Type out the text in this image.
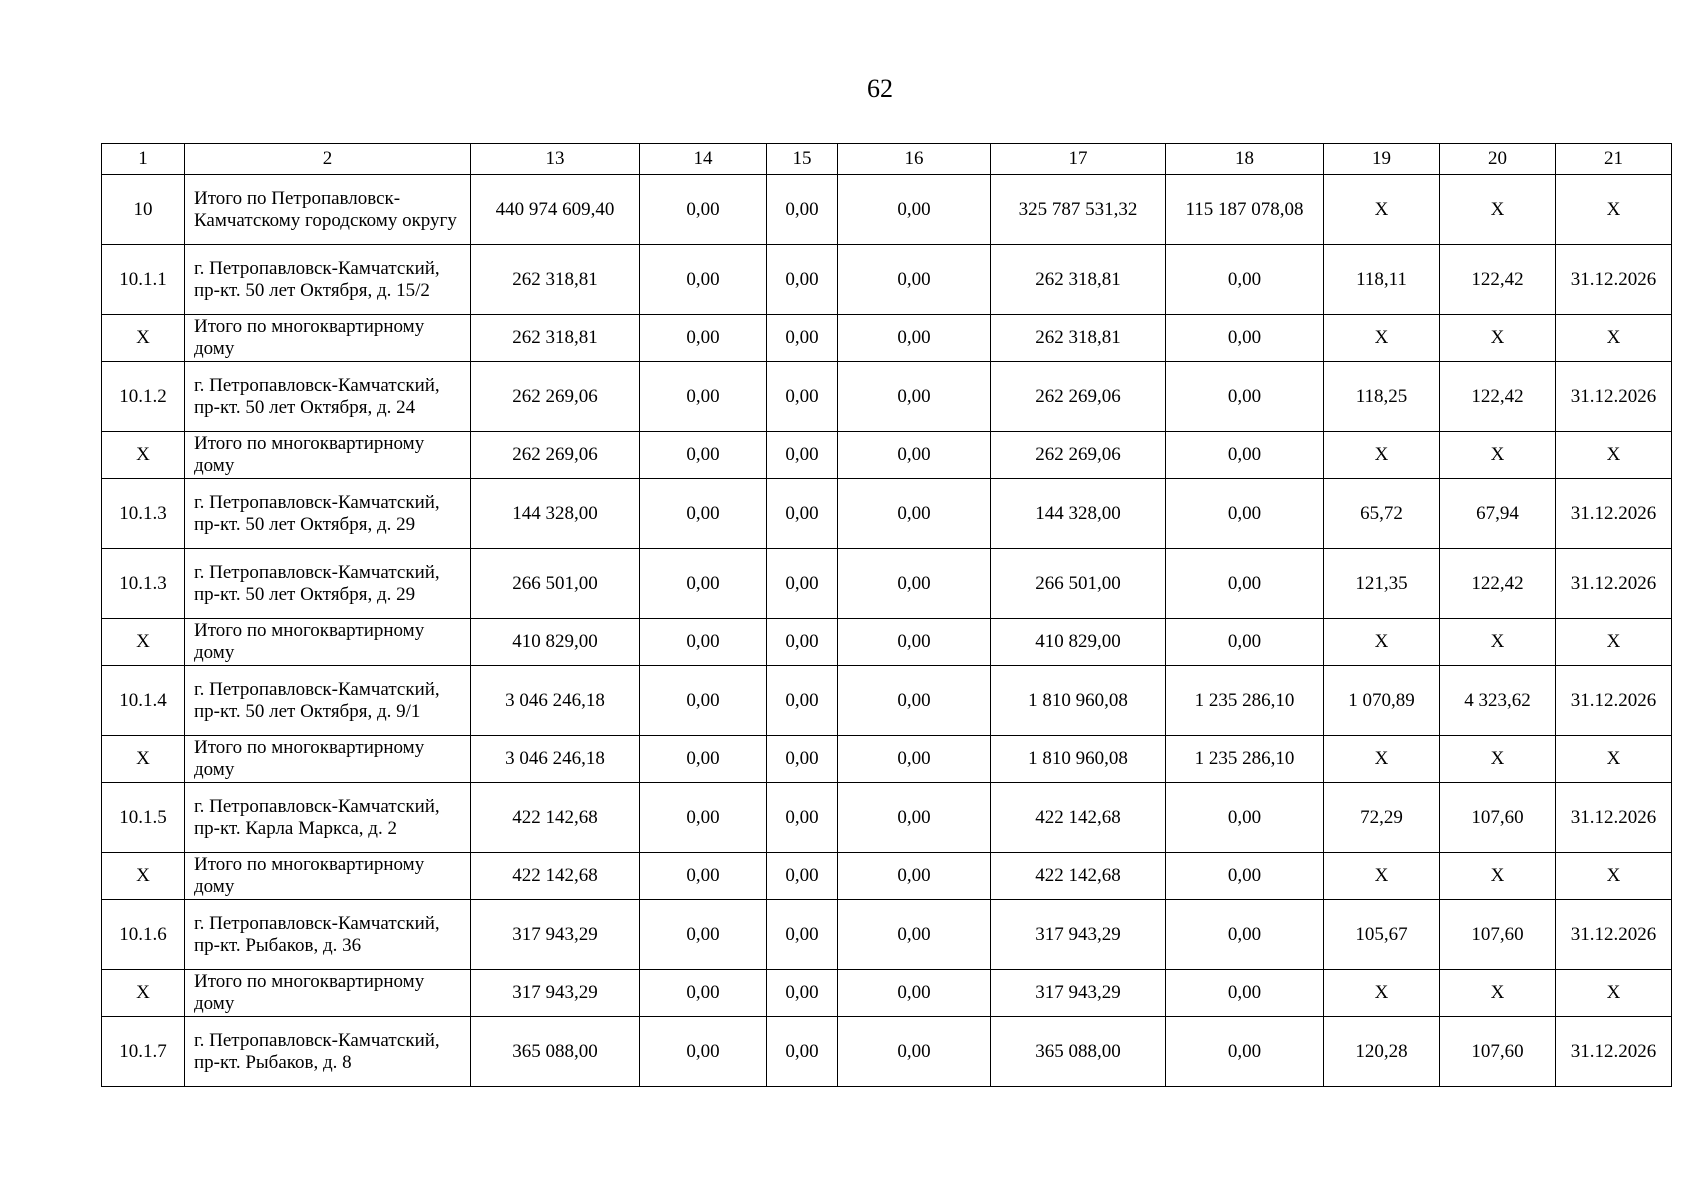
62
1	2	13	14	15	16	17	18	19	20	21
10	Итого по Петропавловск-Камчатскому городскому округу	440 974 609,40	0,00	0,00	0,00	325 787 531,32	115 187 078,08	X	X	X
10.1.1	г. Петропавловск-Камчатский, пр-кт. 50 лет Октября, д. 15/2	262 318,81	0,00	0,00	0,00	262 318,81	0,00	118,11	122,42	31.12.2026
X	Итого по многоквартирному дому	262 318,81	0,00	0,00	0,00	262 318,81	0,00	X	X	X
10.1.2	г. Петропавловск-Камчатский, пр-кт. 50 лет Октября, д. 24	262 269,06	0,00	0,00	0,00	262 269,06	0,00	118,25	122,42	31.12.2026
X	Итого по многоквартирному дому	262 269,06	0,00	0,00	0,00	262 269,06	0,00	X	X	X
10.1.3	г. Петропавловск-Камчатский, пр-кт. 50 лет Октября, д. 29	144 328,00	0,00	0,00	0,00	144 328,00	0,00	65,72	67,94	31.12.2026
10.1.3	г. Петропавловск-Камчатский, пр-кт. 50 лет Октября, д. 29	266 501,00	0,00	0,00	0,00	266 501,00	0,00	121,35	122,42	31.12.2026
X	Итого по многоквартирному дому	410 829,00	0,00	0,00	0,00	410 829,00	0,00	X	X	X
10.1.4	г. Петропавловск-Камчатский, пр-кт. 50 лет Октября, д. 9/1	3 046 246,18	0,00	0,00	0,00	1 810 960,08	1 235 286,10	1 070,89	4 323,62	31.12.2026
X	Итого по многоквартирному дому	3 046 246,18	0,00	0,00	0,00	1 810 960,08	1 235 286,10	X	X	X
10.1.5	г. Петропавловск-Камчатский, пр-кт. Карла Маркса, д. 2	422 142,68	0,00	0,00	0,00	422 142,68	0,00	72,29	107,60	31.12.2026
X	Итого по многоквартирному дому	422 142,68	0,00	0,00	0,00	422 142,68	0,00	X	X	X
10.1.6	г. Петропавловск-Камчатский, пр-кт. Рыбаков, д. 36	317 943,29	0,00	0,00	0,00	317 943,29	0,00	105,67	107,60	31.12.2026
X	Итого по многоквартирному дому	317 943,29	0,00	0,00	0,00	317 943,29	0,00	X	X	X
10.1.7	г. Петропавловск-Камчатский, пр-кт. Рыбаков, д. 8	365 088,00	0,00	0,00	0,00	365 088,00	0,00	120,28	107,60	31.12.2026
